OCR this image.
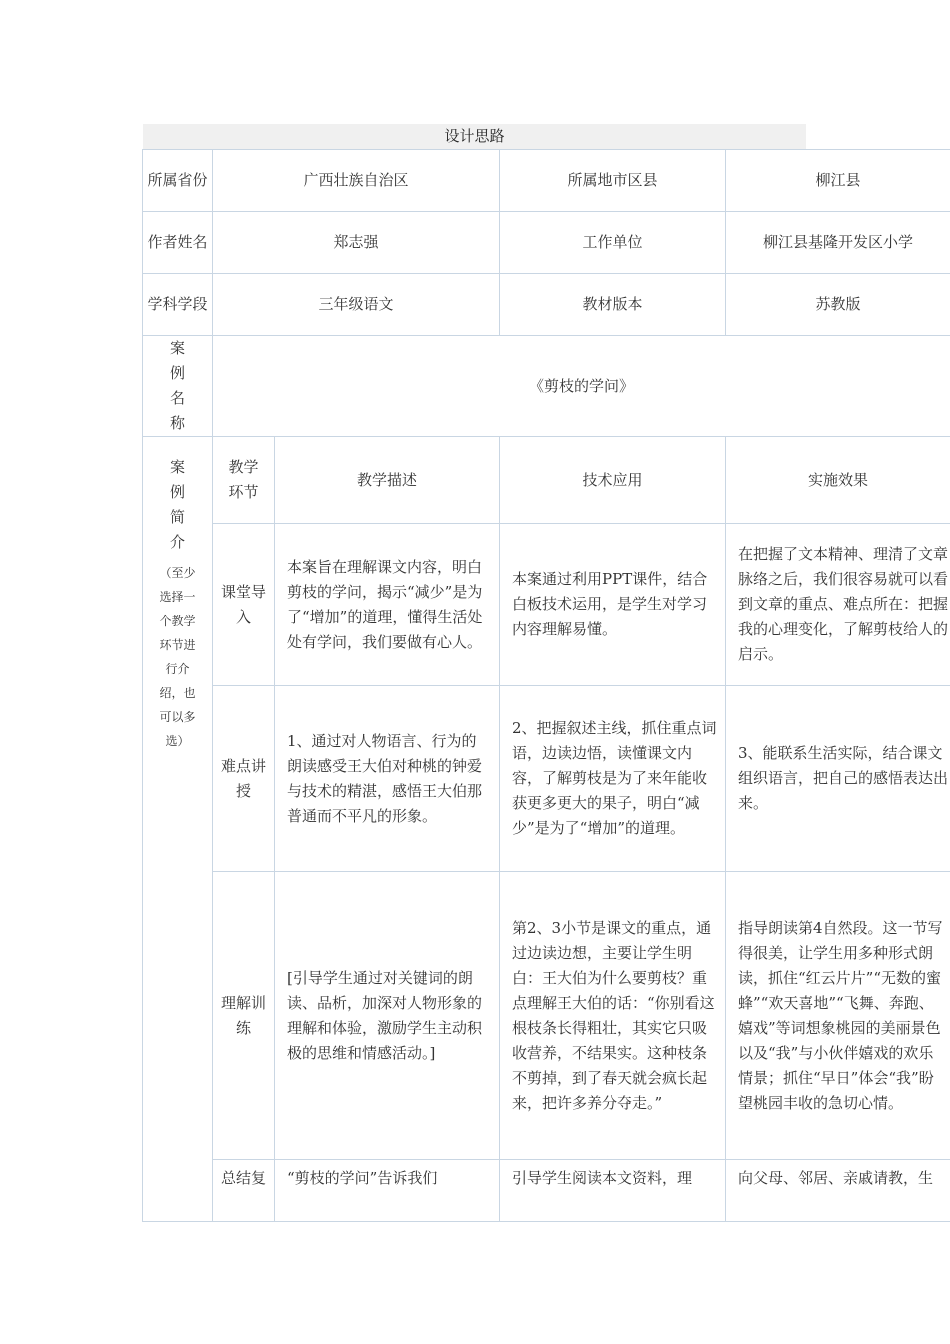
设计思路
所属省份	广西壮族自治区		所属地市区县	柳江县
作者姓名	郑志强		工作单位	柳江县基隆开发区小学
学科学段	三年级语文		教材版本	苏教版
案例名称	《剪枝的学问》			

案例简介
（至少选择一个教学环节进行介绍，也可以多选）	教学环节	教学描述	技术应用	实施效果
	课堂导入	本案旨在理解课文内容，明白剪枝的学问，揭示“减少”是为了“增加”的道理，懂得生活处处有学问，我们要做有心人。	本案通过利用PPT课件，结合白板技术运用，是学生对学习内容理解易懂。	在把握了文本精神、理清了文章脉络之后，我们很容易就可以看到文章的重点、难点所在：把握我的心理变化，了解剪枝给人的启示。
	难点讲授	1、通过对人物语言、行为的朗读感受王大伯对种桃的钟爱与技术的精湛，感悟王大伯那普通而不平凡的形象。	2、把握叙述主线，抓住重点词语，边读边悟，读懂课文内容，了解剪枝是为了来年能收获更多更大的果子，明白“减少”是为了“增加”的道理。	3、能联系生活实际，结合课文组织语言，把自己的感悟表达出来。
	理解训练	[引导学生通过对关键词的朗读、品析，加深对人物形象的理解和体验，激励学生主动积极的思维和情感活动。]	第2、3小节是课文的重点，通过边读边想，主要让学生明白：王大伯为什么要剪枝？重点理解王大伯的话：“你别看这根枝条长得粗壮，其实它只吸收营养，不结果实。这种枝条不剪掉，到了春天就会疯长起来，把许多养分夺走。”	指导朗读第4自然段。这一节写得很美，让学生用多种形式朗读，抓住“红云片片”“无数的蜜蜂”“欢天喜地”“飞舞、奔跑、嬉戏”等词想象桃园的美丽景色以及“我”与小伙伴嬉戏的欢乐情景；抓住“早日”体会“我”盼望桃园丰收的急切心情。
	总结复	“剪枝的学问”告诉我们	引导学生阅读本文资料，理	向父母、邻居、亲戚请教，生
